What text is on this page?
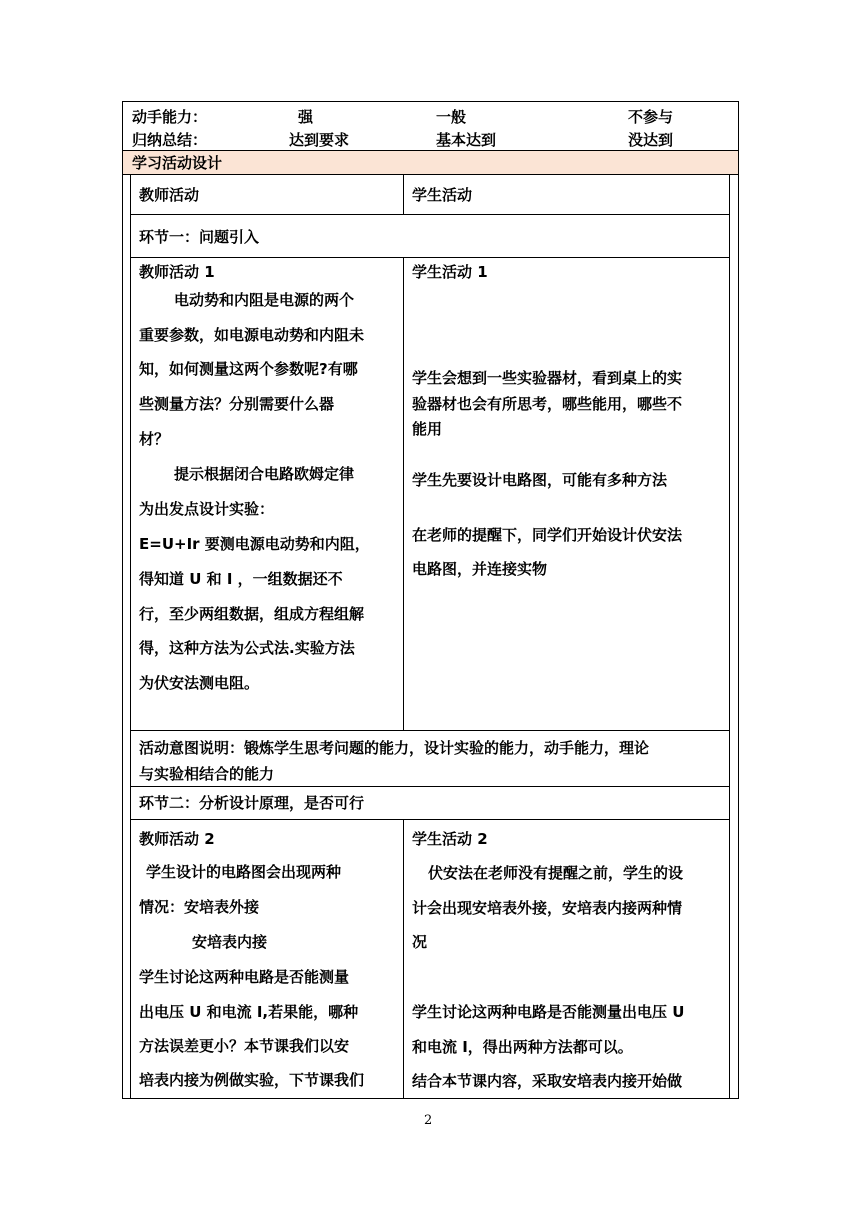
动手能力：	强	一般	不参与
归纳总结：	达到要求	基本达到	没达到
学习活动设计
教师活动	学生活动
环节一：问题引入
教师活动 1
电动势和内阻是电源的两个
重要参数，如电源电动势和内阻未
知，如何测量这两个参数呢?有哪
些测量方法？分别需要什么器
材？
提示根据闭合电路欧姆定律
为出发点设计实验：
E=U+Ir 要测电源电动势和内阻，
得知道 U 和 I ，一组数据还不
行，至少两组数据，组成方程组解
得，这种方法为公式法.实验方法
为伏安法测电阻。
学生活动 1
学生会想到一些实验器材，看到桌上的实
验器材也会有所思考，哪些能用，哪些不
能用
学生先要设计电路图，可能有多种方法
在老师的提醒下，同学们开始设计伏安法
电路图，并连接实物
活动意图说明：锻炼学生思考问题的能力，设计实验的能力，动手能力，理论
与实验相结合的能力
环节二：分析设计原理，是否可行
教师活动 2
学生设计的电路图会出现两种
情况：安培表外接
安培表内接
学生讨论这两种电路是否能测量
出电压 U 和电流 I,若果能，哪种
方法误差更小？本节课我们以安
培表内接为例做实验，下节课我们
学生活动 2
伏安法在老师没有提醒之前，学生的设
计会出现安培表外接，安培表内接两种情
况
学生讨论这两种电路是否能测量出电压 U
和电流 I，得出两种方法都可以。
结合本节课内容，采取安培表内接开始做
2
